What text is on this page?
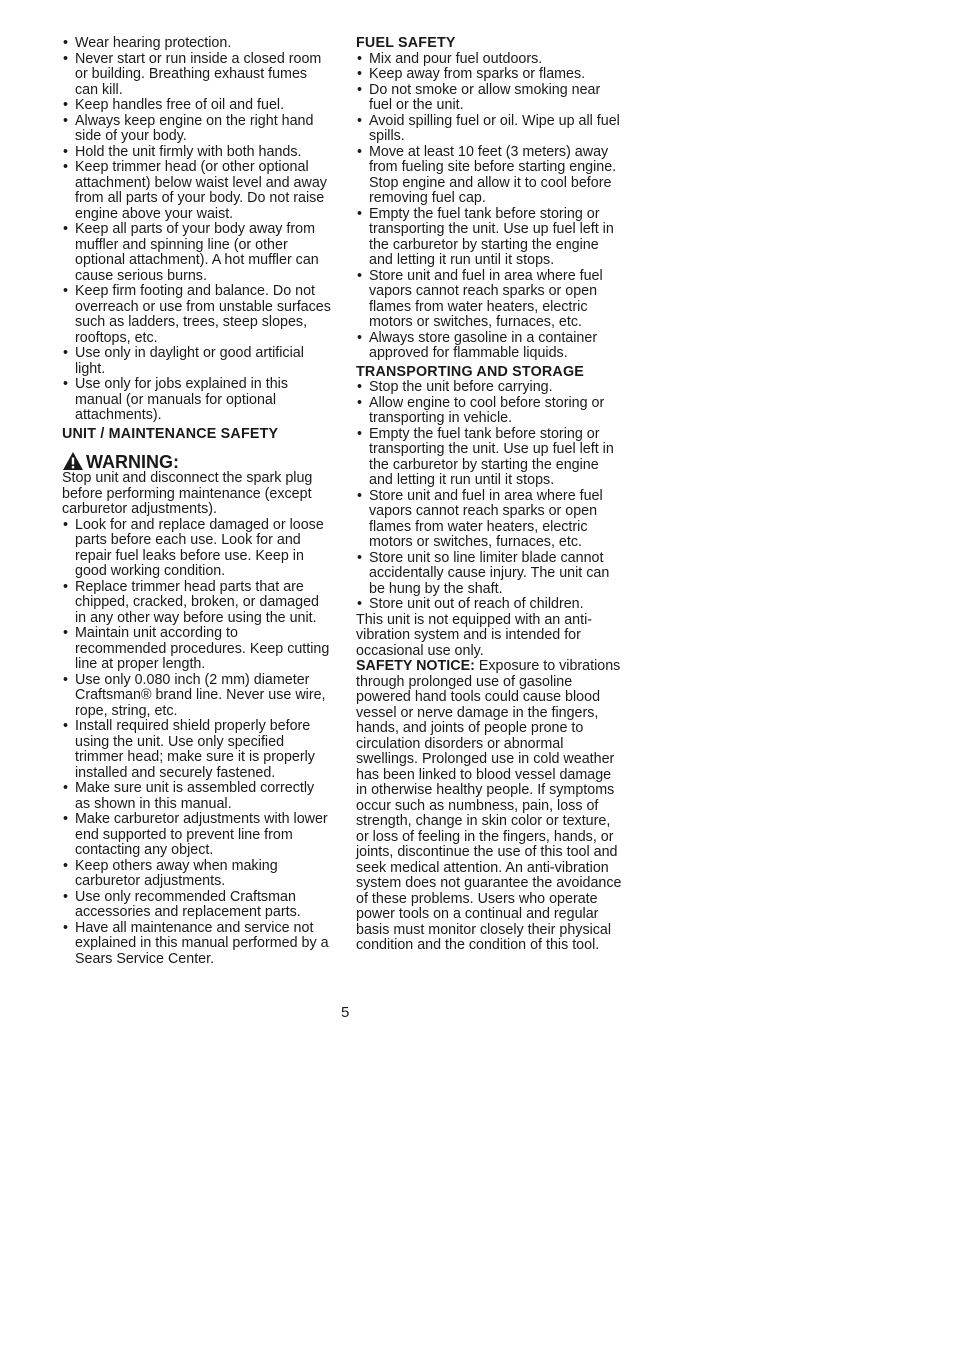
• Wear hearing protection.
• Never start or run inside a closed room or building. Breathing exhaust fumes can kill.
• Keep handles free of oil and fuel.
• Always keep engine on the right hand side of your body.
• Hold the unit firmly with both hands.
• Keep trimmer head (or other optional attachment) below waist level and away from all parts of your body. Do not raise engine above your waist.
• Keep all parts of your body away from muffler and spinning line (or other optional attachment). A hot muffler can cause serious burns.
• Keep firm footing and balance. Do not overreach or use from unstable surfaces such as ladders, trees, steep slopes, rooftops, etc.
• Use only in daylight or good artificial light.
• Use only for jobs explained in this manual (or manuals for optional attachments).
UNIT / MAINTENANCE SAFETY
WARNING:

Stop unit and disconnect the spark plug before performing maintenance (except carburetor adjustments).

• Look for and replace damaged or loose parts before each use. Look for and repair fuel leaks before use. Keep in good working condition.
• Replace trimmer head parts that are chipped, cracked, broken, or damaged in any other way before using the unit.
• Maintain unit according to recommended procedures. Keep cutting line at proper length.
• Use only 0.080 inch (2 mm) diameter Craftsman® brand line. Never use wire, rope, string, etc.
• Install required shield properly before using the unit. Use only specified trimmer head; make sure it is properly installed and securely fastened.
• Make sure unit is assembled correctly as shown in this manual.
• Make carburetor adjustments with lower end supported to prevent line from contacting any object.
• Keep others away when making carburetor adjustments.
• Use only recommended Craftsman accessories and replacement parts.
• Have all maintenance and service not explained in this manual performed by a Sears Service Center.
FUEL SAFETY
• Mix and pour fuel outdoors.
• Keep away from sparks or flames.
• Do not smoke or allow smoking near fuel or the unit.
• Avoid spilling fuel or oil. Wipe up all fuel spills.
• Move at least 10 feet (3 meters) away from fueling site before starting engine. Stop engine and allow it to cool before removing fuel cap.
• Empty the fuel tank before storing or transporting the unit. Use up fuel left in the carburetor by starting the engine and letting it run until it stops.
• Store unit and fuel in area where fuel vapors cannot reach sparks or open flames from water heaters, electric motors or switches, furnaces, etc.
• Always store gasoline in a container approved for flammable liquids.
TRANSPORTING AND STORAGE
• Stop the unit before carrying.
• Allow engine to cool before storing or transporting in vehicle.
• Empty the fuel tank before storing or transporting the unit. Use up fuel left in the carburetor by starting the engine and letting it run until it stops.
• Store unit and fuel in area where fuel vapors cannot reach sparks or open flames from water heaters, electric motors or switches, furnaces, etc.
• Store unit so line limiter blade cannot accidentally cause injury. The unit can be hung by the shaft.
• Store unit out of reach of children.

This unit is not equipped with an anti-vibration system and is intended for occasional use only.

SAFETY NOTICE: Exposure to vibrations through prolonged use of gasoline powered hand tools could cause blood vessel or nerve damage in the fingers, hands, and joints of people prone to circulation disorders or abnormal swellings. Prolonged use in cold weather has been linked to blood vessel damage in otherwise healthy people. If symptoms occur such as numbness, pain, loss of strength, change in skin color or texture, or loss of feeling in the fingers, hands, or joints, discontinue the use of this tool and seek medical attention. An anti-vibration system does not guarantee the avoidance of these problems. Users who operate power tools on a continual and regular basis must monitor closely their physical condition and the condition of this tool.

5
